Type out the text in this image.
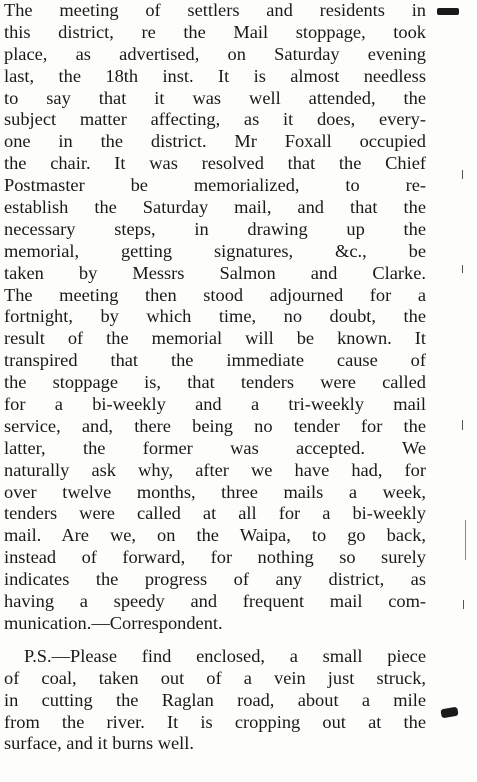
The meeting of settlers and residents in
this district, re the Mail stoppage, took
place, as advertised, on Saturday evening
last, the 18th inst. It is almost needless
to say that it was well attended, the
subject matter affecting, as it does, every-
one in the district. Mr Foxall occupied
the chair. It was resolved that the Chief
Postmaster be memorialized, to re-
establish the Saturday mail, and that the
necessary steps, in drawing up the
memorial, getting signatures, &c., be
taken by Messrs Salmon and Clarke.
The meeting then stood adjourned for a
fortnight, by which time, no doubt, the
result of the memorial will be known. It
transpired that the immediate cause of
the stoppage is, that tenders were called
for a bi-weekly and a tri-weekly mail
service, and, there being no tender for the
latter, the former was accepted. We
naturally ask why, after we have had, for
over twelve months, three mails a week,
tenders were called at all for a bi-weekly
mail. Are we, on the Waipa, to go back,
instead of forward, for nothing so surely
indicates the progress of any district, as
having a speedy and frequent mail com-
munication.—Correspondent.
P.S.—Please find enclosed, a small piece
of coal, taken out of a vein just struck,
in cutting the Raglan road, about a mile
from the river. It is cropping out at the
surface, and it burns well.
